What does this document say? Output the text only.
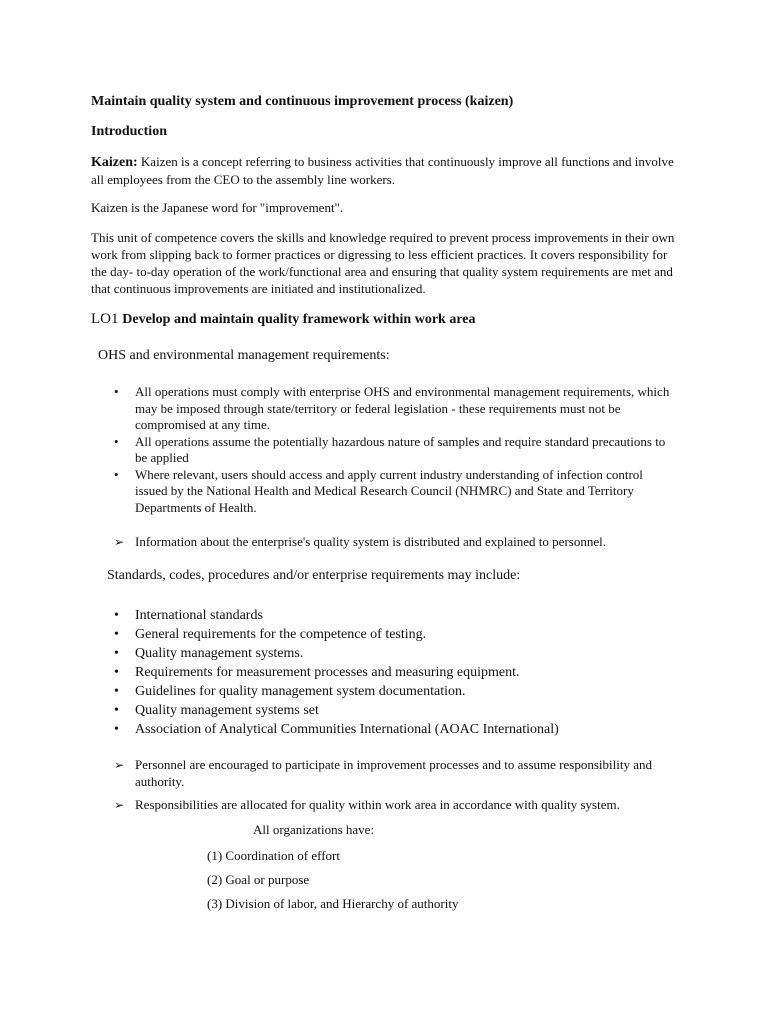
Maintain quality system and continuous improvement process (kaizen)
Introduction

Kaizen: Kaizen is a concept referring to business activities that continuously improve all functions and involve all employees from the CEO to the assembly line workers.

Kaizen is the Japanese word for "improvement".

This unit of competence covers the skills and knowledge required to prevent process improvements in their own work from slipping back to former practices or digressing to less efficient practices. It covers responsibility for the day- to-day operation of the work/functional area and ensuring that quality system requirements are met and that continuous improvements are initiated and institutionalized.

LO1 Develop and maintain quality framework within work area
OHS and environmental management requirements:
• All operations must comply with enterprise OHS and environmental management requirements, which may be imposed through state/territory or federal legislation - these requirements must not be compromised at any time.
• All operations assume the potentially hazardous nature of samples and require standard precautions to be applied
• Where relevant, users should access and apply current industry understanding of infection control issued by the National Health and Medical Research Council (NHMRC) and State and Territory Departments of Health.
➢ Information about the enterprise's quality system is distributed and explained to personnel.
Standards, codes, procedures and/or enterprise requirements may include:
• International standards
• General requirements for the competence of testing.
• Quality management systems.
• Requirements for measurement processes and measuring equipment.
• Guidelines for quality management system documentation.
• Quality management systems set
• Association of Analytical Communities International (AOAC International)
➢ Personnel are encouraged to participate in improvement processes and to assume responsibility and authority.
➢ Responsibilities are allocated for quality within work area in accordance with quality system.
All organizations have:
(1) Coordination of effort
(2) Goal or purpose
(3) Division of labor, and Hierarchy of authority
